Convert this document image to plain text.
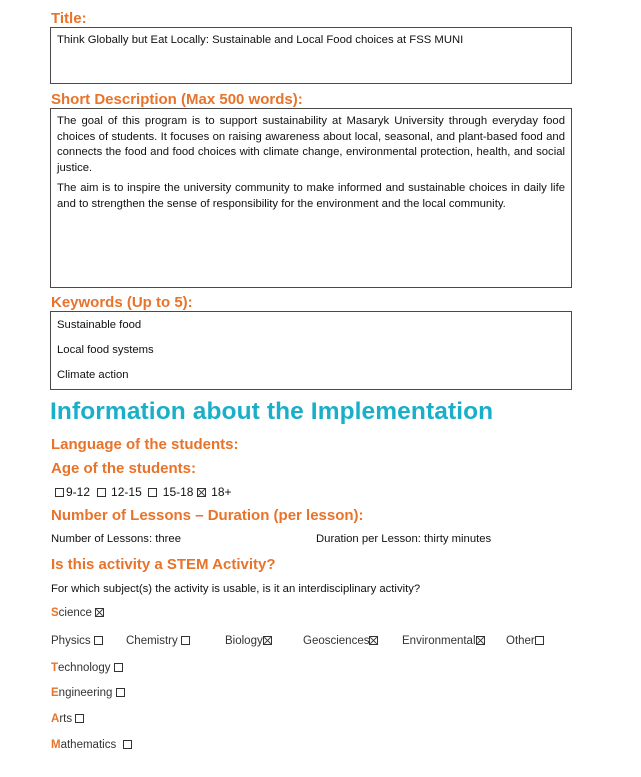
Title:
Think Globally but Eat Locally: Sustainable and Local Food choices at FSS MUNI
Short Description (Max 500 words):

The goal of this program is to support sustainability at Masaryk University through everyday food choices of students. It focuses on raising awareness about local, seasonal, and plant-based food and connects the food and food choices with climate change, environmental protection, health, and social justice.

The aim is to inspire the university community to make informed and sustainable choices in daily life and to strengthen the sense of responsibility for the environment and the local community.

Keywords (Up to 5):

Sustainable food

Local food systems

Climate action

Information about the Implementation
Language of the students:
Age of the students:
9-12 12-15 15-18 18+
Number of Lessons – Duration (per lesson):
Number of Lessons: three	Duration per Lesson: thirty minutes
Is this activity a STEM Activity?
For which subject(s) the activity is usable, is it an interdisciplinary activity?
Science
Physics	Chemistry	Biology	Geosciences	Environmental	Other
Technology
Engineering
Arts
Mathematics
